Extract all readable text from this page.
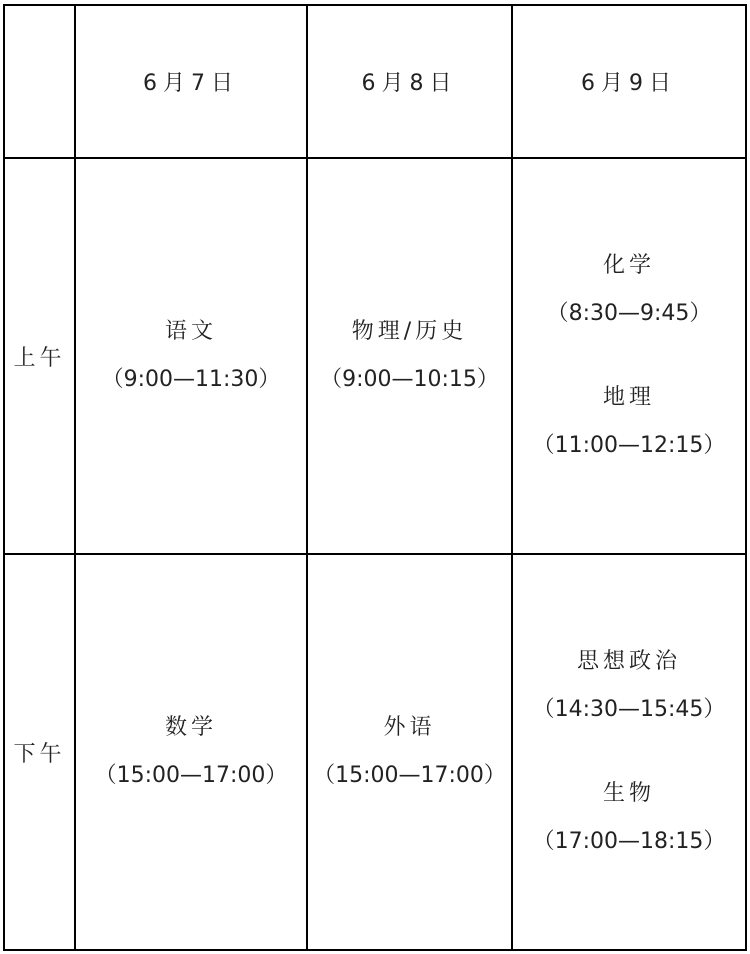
6月7日	6月8日	6月9日
上午
语文
（9:00—11:30）
物理/历史
（9:00—10:15）
化学
（8:30—9:45）
地理
（11:00—12:15）
下午
数学
（15:00—17:00）
外语
（15:00—17:00）
思想政治
（14:30—15:45）
生物
（17:00—18:15）
